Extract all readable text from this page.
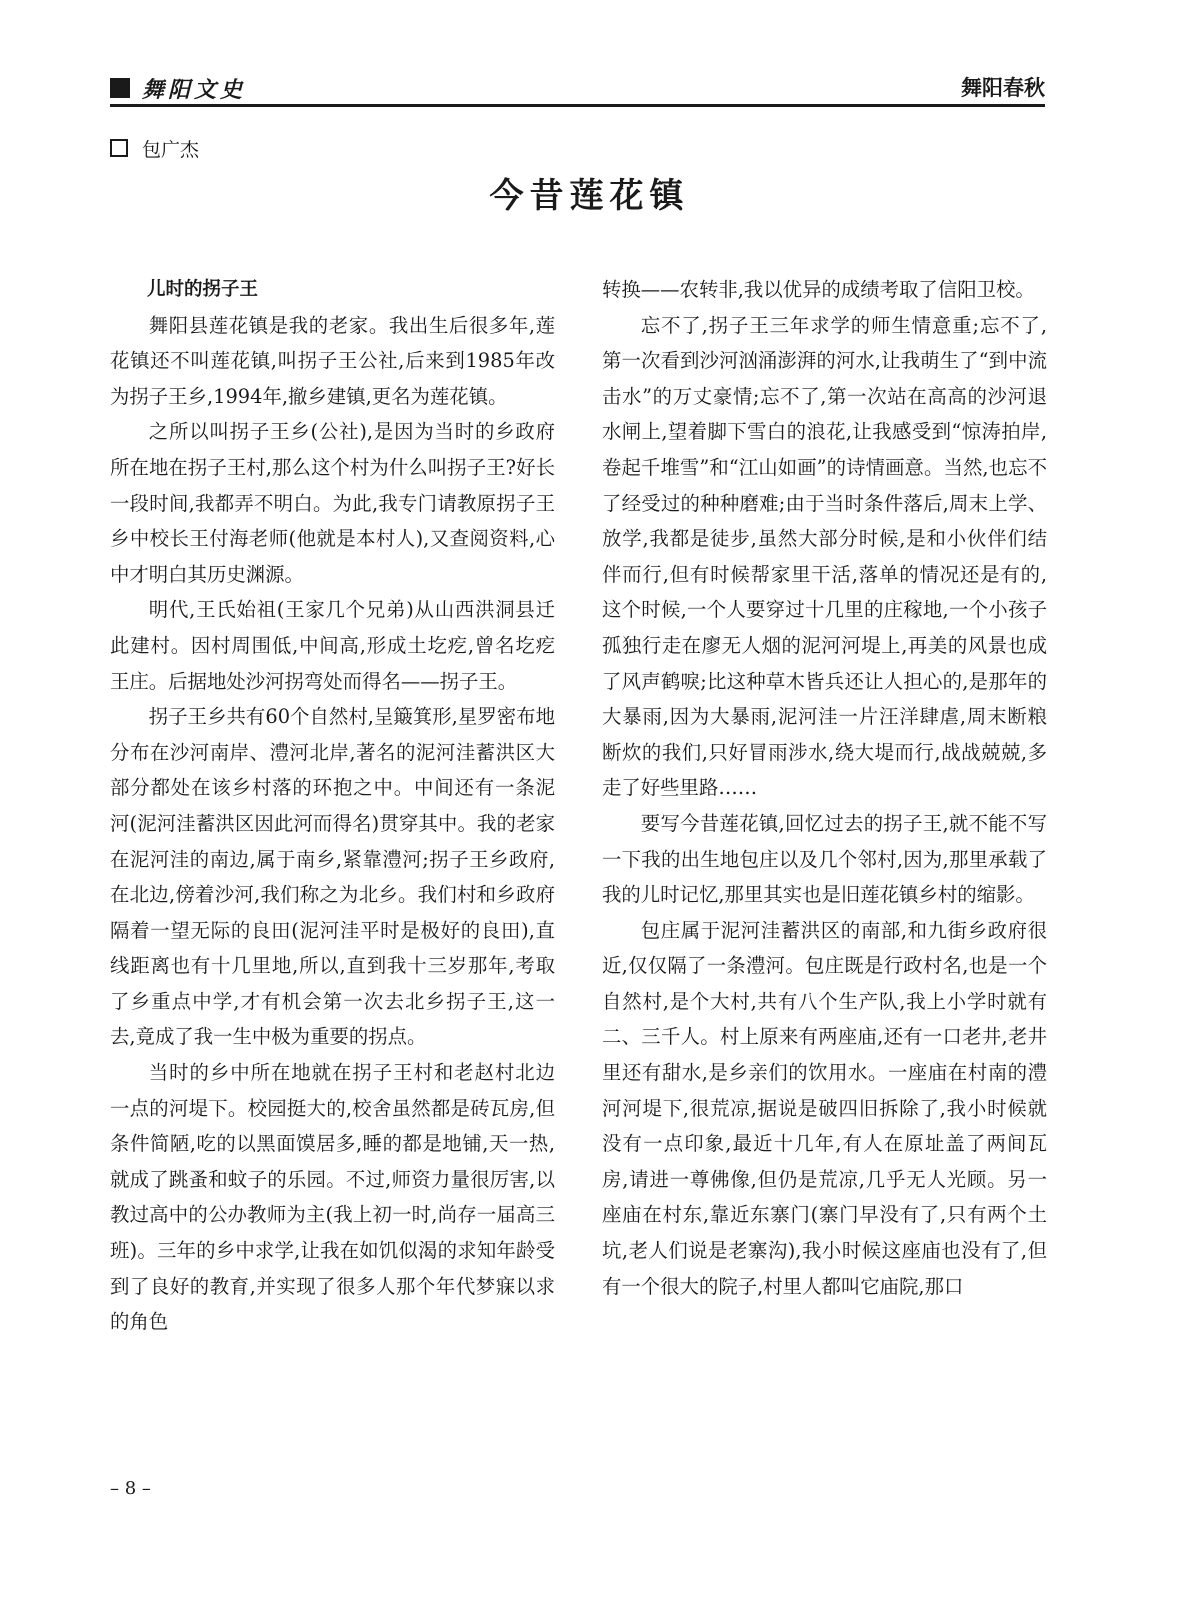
舞阳文史	舞阳春秋
包广杰
今昔莲花镇
儿时的拐子王

舞阳县莲花镇是我的老家。我出生后很多年,莲花镇还不叫莲花镇,叫拐子王公社,后来到1985年改为拐子王乡,1994年,撤乡建镇,更名为莲花镇。

之所以叫拐子王乡(公社),是因为当时的乡政府所在地在拐子王村,那么这个村为什么叫拐子王?好长一段时间,我都弄不明白。为此,我专门请教原拐子王乡中校长王付海老师(他就是本村人),又查阅资料,心中才明白其历史渊源。

明代,王氏始祖(王家几个兄弟)从山西洪洞县迁此建村。因村周围低,中间高,形成土圪疙,曾名圪疙王庄。后据地处沙河拐弯处而得名——拐子王。

拐子王乡共有60个自然村,呈簸箕形,星罗密布地分布在沙河南岸、澧河北岸,著名的泥河洼蓄洪区大部分都处在该乡村落的环抱之中。中间还有一条泥河(泥河洼蓄洪区因此河而得名)贯穿其中。我的老家在泥河洼的南边,属于南乡,紧靠澧河;拐子王乡政府,在北边,傍着沙河,我们称之为北乡。我们村和乡政府隔着一望无际的良田(泥河洼平时是极好的良田),直线距离也有十几里地,所以,直到我十三岁那年,考取了乡重点中学,才有机会第一次去北乡拐子王,这一去,竟成了我一生中极为重要的拐点。

当时的乡中所在地就在拐子王村和老赵村北边一点的河堤下。校园挺大的,校舍虽然都是砖瓦房,但条件简陋,吃的以黑面馍居多,睡的都是地铺,天一热,就成了跳蚤和蚊子的乐园。不过,师资力量很厉害,以教过高中的公办教师为主(我上初一时,尚存一届高三班)。三年的乡中求学,让我在如饥似渴的求知年龄受到了良好的教育,并实现了很多人那个年代梦寐以求的角色

转换——农转非,我以优异的成绩考取了信阳卫校。

忘不了,拐子王三年求学的师生情意重;忘不了,第一次看到沙河汹涌澎湃的河水,让我萌生了“到中流击水”的万丈豪情;忘不了,第一次站在高高的沙河退水闸上,望着脚下雪白的浪花,让我感受到“惊涛拍岸,卷起千堆雪”和“江山如画”的诗情画意。当然,也忘不了经受过的种种磨难;由于当时条件落后,周末上学、放学,我都是徒步,虽然大部分时候,是和小伙伴们结伴而行,但有时候帮家里干活,落单的情况还是有的,这个时候,一个人要穿过十几里的庄稼地,一个小孩子孤独行走在廖无人烟的泥河河堤上,再美的风景也成了风声鹤唳;比这种草木皆兵还让人担心的,是那年的大暴雨,因为大暴雨,泥河洼一片汪洋肆虐,周末断粮断炊的我们,只好冒雨涉水,绕大堤而行,战战兢兢,多走了好些里路……

要写今昔莲花镇,回忆过去的拐子王,就不能不写一下我的出生地包庄以及几个邻村,因为,那里承载了我的儿时记忆,那里其实也是旧莲花镇乡村的缩影。

包庄属于泥河洼蓄洪区的南部,和九街乡政府很近,仅仅隔了一条澧河。包庄既是行政村名,也是一个自然村,是个大村,共有八个生产队,我上小学时就有二、三千人。村上原来有两座庙,还有一口老井,老井里还有甜水,是乡亲们的饮用水。一座庙在村南的澧河河堤下,很荒凉,据说是破四旧拆除了,我小时候就没有一点印象,最近十几年,有人在原址盖了两间瓦房,请进一尊佛像,但仍是荒凉,几乎无人光顾。另一座庙在村东,靠近东寨门(寨门早没有了,只有两个土坑,老人们说是老寨沟),我小时候这座庙也没有了,但有一个很大的院子,村里人都叫它庙院,那口

– 8 –
